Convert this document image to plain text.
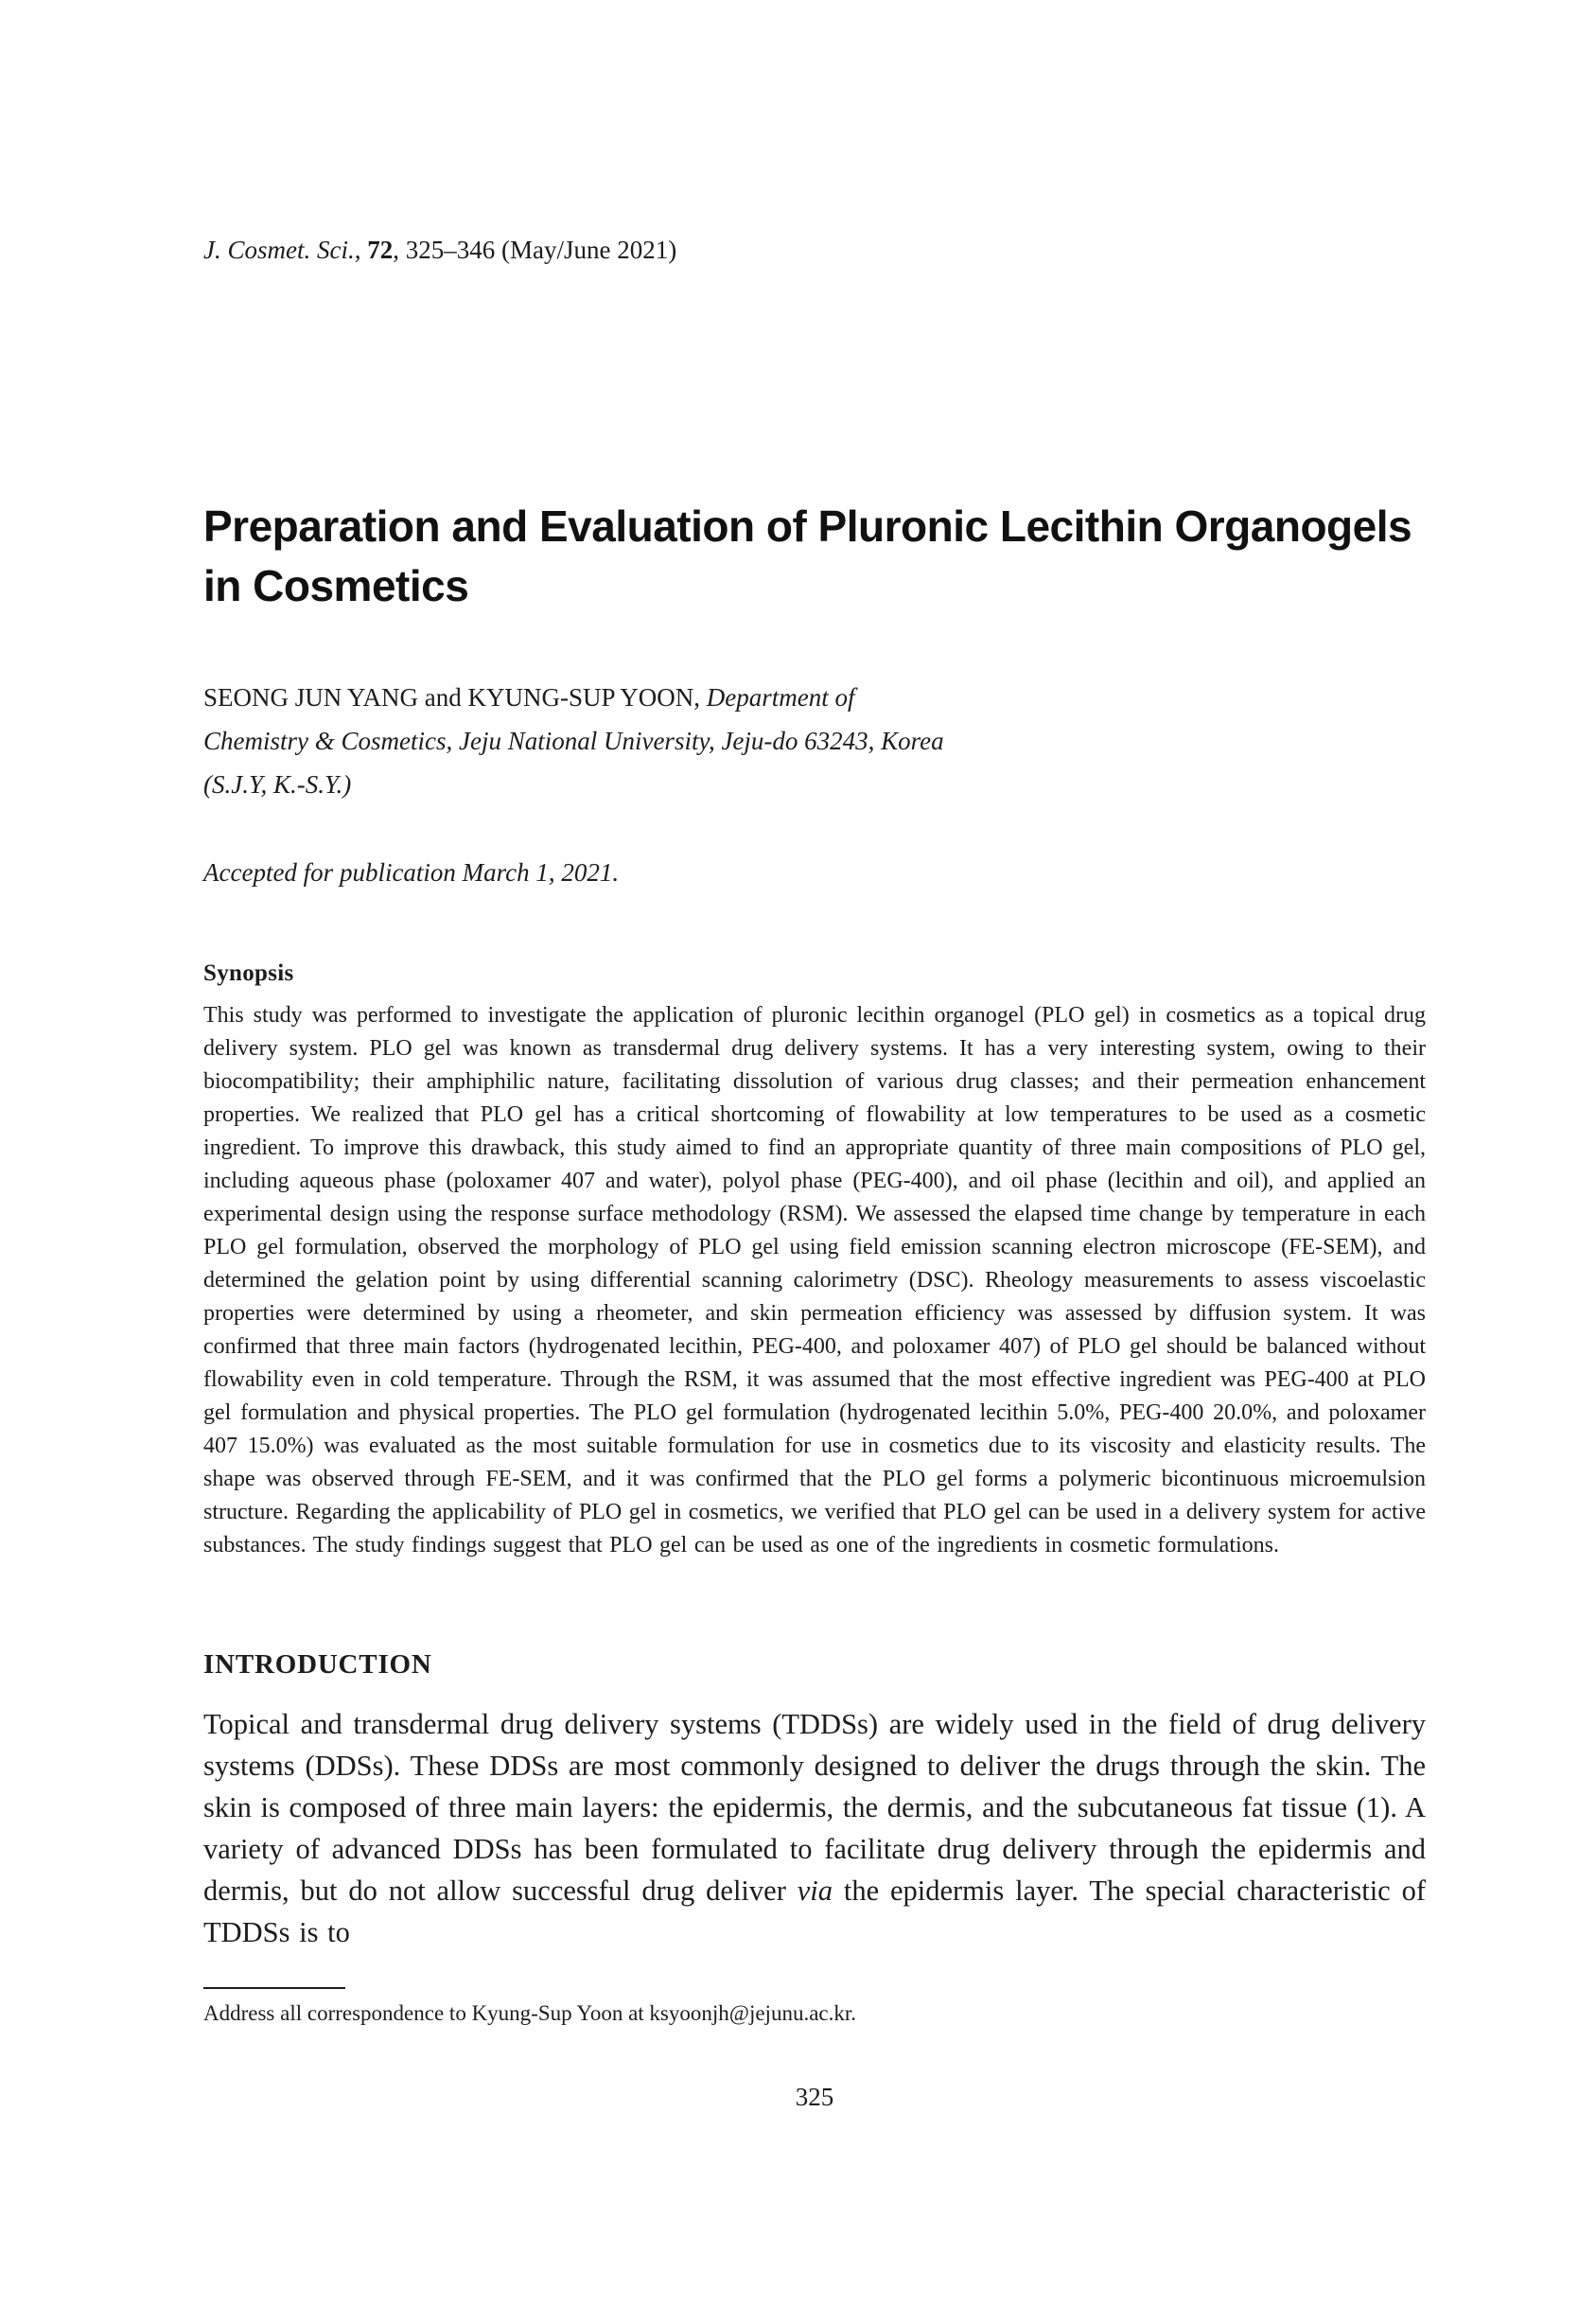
J. Cosmet. Sci., 72, 325–346 (May/June 2021)

Preparation and Evaluation of Pluronic Lecithin Organogels
in Cosmetics

SEONG JUN YANG and KYUNG-SUP YOON, Department of
Chemistry & Cosmetics, Jeju National University, Jeju-do 63243, Korea
(S.J.Y, K.-S.Y.)

Accepted for publication March 1, 2021.

Synopsis

This study was performed to investigate the application of pluronic lecithin organogel (PLO gel) in cosmetics as a topical drug delivery system. PLO gel was known as transdermal drug delivery systems. It has a very interesting system, owing to their biocompatibility; their amphiphilic nature, facilitating dissolution of various drug classes; and their permeation enhancement properties. We realized that PLO gel has a critical shortcoming of flowability at low temperatures to be used as a cosmetic ingredient. To improve this drawback, this study aimed to find an appropriate quantity of three main compositions of PLO gel, including aqueous phase (poloxamer 407 and water), polyol phase (PEG-400), and oil phase (lecithin and oil), and applied an experimental design using the response surface methodology (RSM). We assessed the elapsed time change by temperature in each PLO gel formulation, observed the morphology of PLO gel using field emission scanning electron microscope (FE-SEM), and determined the gelation point by using differential scanning calorimetry (DSC). Rheology measurements to assess viscoelastic properties were determined by using a rheometer, and skin permeation efficiency was assessed by diffusion system. It was confirmed that three main factors (hydrogenated lecithin, PEG-400, and poloxamer 407) of PLO gel should be balanced without flowability even in cold temperature. Through the RSM, it was assumed that the most effective ingredient was PEG-400 at PLO gel formulation and physical properties. The PLO gel formulation (hydrogenated lecithin 5.0%, PEG-400 20.0%, and poloxamer 407 15.0%) was evaluated as the most suitable formulation for use in cosmetics due to its viscosity and elasticity results. The shape was observed through FE-SEM, and it was confirmed that the PLO gel forms a polymeric bicontinuous microemulsion structure. Regarding the applicability of PLO gel in cosmetics, we verified that PLO gel can be used in a delivery system for active substances. The study findings suggest that PLO gel can be used as one of the ingredients in cosmetic formulations.

INTRODUCTION

Topical and transdermal drug delivery systems (TDDSs) are widely used in the field of drug delivery systems (DDSs). These DDSs are most commonly designed to deliver the drugs through the skin. The skin is composed of three main layers: the epidermis, the dermis, and the subcutaneous fat tissue (1). A variety of advanced DDSs has been formulated to facilitate drug delivery through the epidermis and dermis, but do not allow successful drug deliver via the epidermis layer. The special characteristic of TDDSs is to

Address all correspondence to Kyung-Sup Yoon at ksyoonjh@jejunu.ac.kr.

325
